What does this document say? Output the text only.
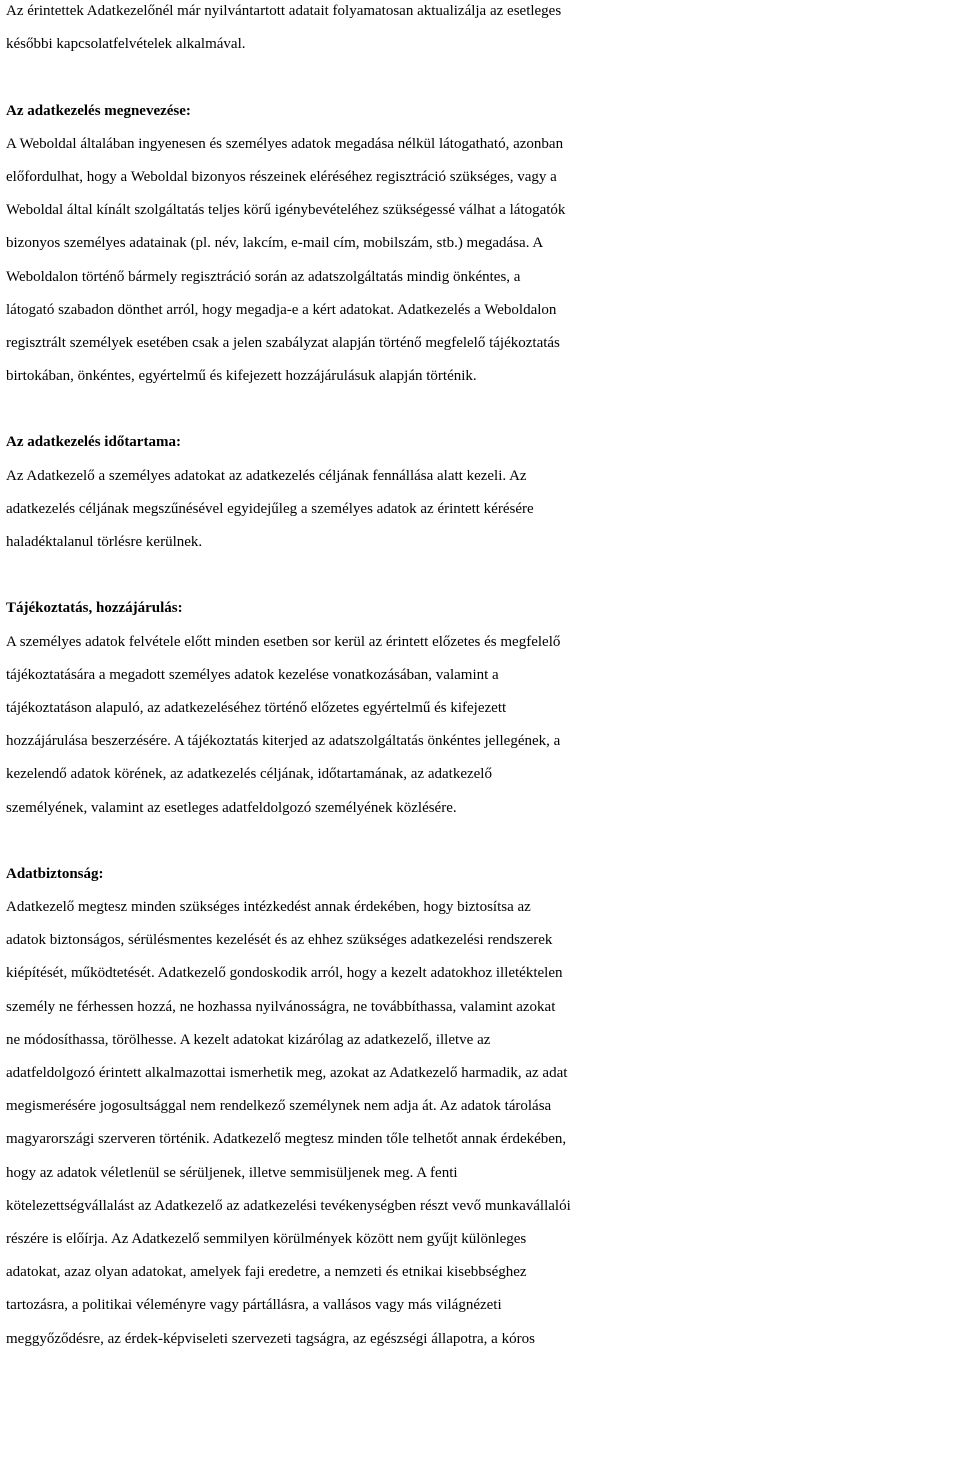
Az érintettek Adatkezelőnél már nyilvántartott adatait folyamatosan aktualizálja az esetleges

későbbi kapcsolatfelvételek alkalmával.

Az adatkezelés megnevezése:

A Weboldal általában ingyenesen és személyes adatok megadása nélkül látogatható, azonban

előfordulhat, hogy a Weboldal bizonyos részeinek eléréséhez regisztráció szükséges, vagy a

Weboldal által kínált szolgáltatás teljes körű igénybevételéhez szükségessé válhat a látogatók

bizonyos személyes adatainak (pl. név, lakcím, e-mail cím, mobilszám, stb.) megadása. A

Weboldalon történő bármely regisztráció során az adatszolgáltatás mindig önkéntes, a

látogató szabadon dönthet arról, hogy megadja-e a kért adatokat. Adatkezelés a Weboldalon

regisztrált személyek esetében csak a jelen szabályzat alapján történő megfelelő tájékoztatás

birtokában, önkéntes, egyértelmű és kifejezett hozzájárulásuk alapján történik.

Az adatkezelés időtartama:

Az Adatkezelő a személyes adatokat az adatkezelés céljának fennállása alatt kezeli. Az

adatkezelés céljának megszűnésével egyidejűleg a személyes adatok az érintett kérésére

haladéktalanul törlésre kerülnek.

Tájékoztatás, hozzájárulás:

A személyes adatok felvétele előtt minden esetben sor kerül az érintett előzetes és megfelelő

tájékoztatására a megadott személyes adatok kezelése vonatkozásában, valamint a

tájékoztatáson alapuló, az adatkezeléséhez történő előzetes egyértelmű és kifejezett

hozzájárulása beszerzésére. A tájékoztatás kiterjed az adatszolgáltatás önkéntes jellegének, a

kezelendő adatok körének, az adatkezelés céljának, időtartamának, az adatkezelő

személyének, valamint az esetleges adatfeldolgozó személyének közlésére.

Adatbiztonság:

Adatkezelő megtesz minden szükséges intézkedést annak érdekében, hogy biztosítsa az

adatok biztonságos, sérülésmentes kezelését és az ehhez szükséges adatkezelési rendszerek

kiépítését, működtetését. Adatkezelő gondoskodik arról, hogy a kezelt adatokhoz illetéktelen

személy ne férhessen hozzá, ne hozhassa nyilvánosságra, ne továbbíthassa, valamint azokat

ne módosíthassa, törölhesse. A kezelt adatokat kizárólag az adatkezelő, illetve az

adatfeldolgozó érintett alkalmazottai ismerhetik meg, azokat az Adatkezelő harmadik, az adat

megismerésére jogosultsággal nem rendelkező személynek nem adja át. Az adatok tárolása

magyarországi szerveren történik. Adatkezelő megtesz minden tőle telhetőt annak érdekében,

hogy az adatok véletlenül se sérüljenek, illetve semmisüljenek meg. A fenti

kötelezettségvállalást az Adatkezelő az adatkezelési tevékenységben részt vevő munkavállalói

részére is előírja. Az Adatkezelő semmilyen körülmények között nem gyűjt különleges

adatokat, azaz olyan adatokat, amelyek faji eredetre, a nemzeti és etnikai kisebbséghez

tartozásra, a politikai véleményre vagy pártállásra, a vallásos vagy más világnézeti

meggyőződésre, az érdek-képviseleti szervezeti tagságra, az egészségi állapotra, a kóros
